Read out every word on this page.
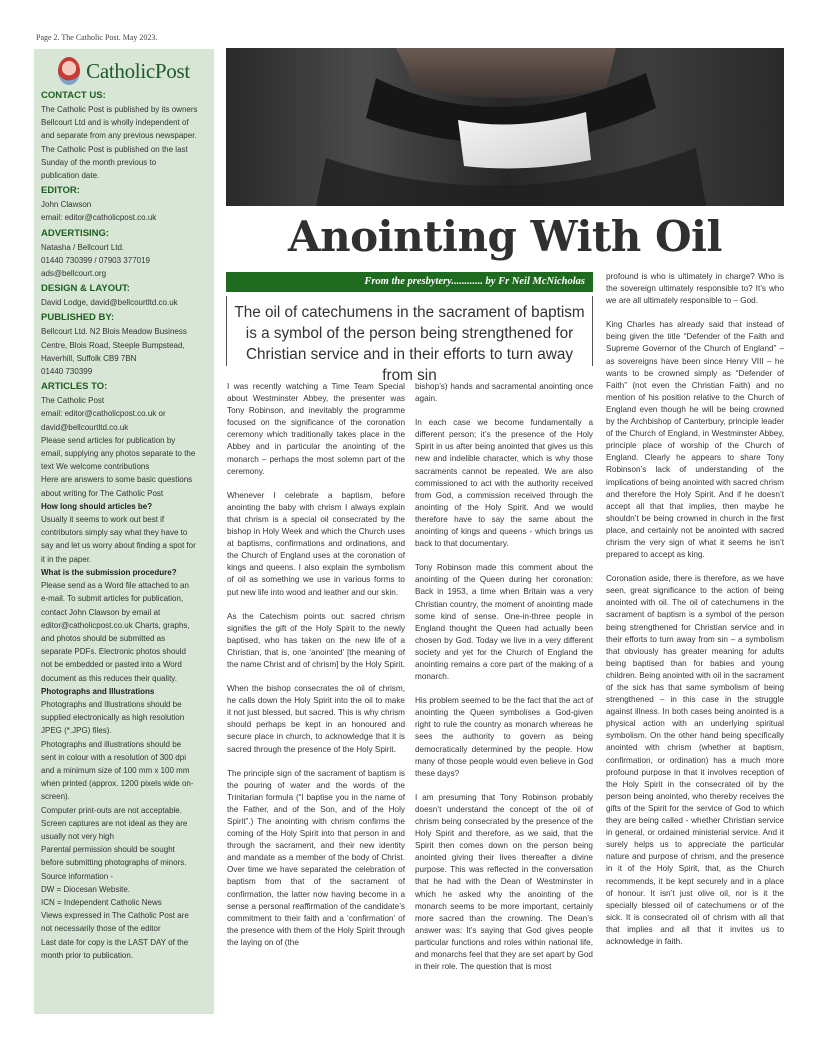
Page 2. The Catholic Post. May 2023.
CatholicPost
CONTACT US:
The Catholic Post is published by its owners
Bellcourt Ltd and is wholly independent of
and separate from any previous newspaper.
The Catholic Post is published on the last
Sunday of the month previous to
publication date.
EDITOR:
John Clawson
email: editor@catholicpost.co.uk
ADVERTISING:
Natasha / Bellcourt Ltd.
01440 730399 / 07903 377019
ads@bellcourt.org
DESIGN & LAYOUT:
David Lodge, david@bellcourtltd.co.uk
PUBLISHED BY:
Bellcourt Ltd. N2 Blois Meadow Business
Centre, Blois Road, Steeple Bumpstead,
Haverhill, Suffolk CB9 7BN
01440 730399
ARTICLES TO:
The Catholic Post
email: editor@catholicpost.co.uk or
david@bellcourtltd.co.uk
Please send articles for publication by
email, supplying any photos separate to the
text We welcome contributions
Here are answers to some basic questions
about writing for The Catholic Post
How long should articles be?
Usually it seems to work out best if
contributors simply say what they have to
say and let us worry about finding a spot for
it in the paper.
What is the submission procedure?
Please send as a Word file attached to an
e-mail. To submit articles for publication,
contact John Clawson by email at
editor@catholicpost.co.uk Charts, graphs,
and photos should be submitted as
separate PDFs. Electronic photos should
not be embedded or pasted into a Word
document as this reduces their quality.
Photographs and Illustrations
Photographs and Illustrations should be
supplied electronically as high resolution
JPEG (*.JPG) files).
Photographs and illustrations should be
sent in colour with a resolution of 300 dpi
and a minimum size of 100 mm x 100 mm
when printed (approx. 1200 pixels wide on-
screen).
Computer print-outs are not acceptable.
Screen captures are not ideal as they are
usually not very high
Parental permission should be sought
before submitting photographs of minors.
Source information -
DW = Diocesan Website.
ICN = Independent Catholic News
Views expressed in The Catholic Post are
not necessarily those of the editor
Last date for copy is the LAST DAY of the
month prior to publication.
Anointing With Oil
From the presbytery............ by Fr Neil McNicholas
The oil of catechumens in the sacrament of baptism is a symbol of the person being strengthened for Christian service and in their efforts to turn away from sin

I was recently watching a Time Team Special about Westminster Abbey, the presenter was Tony Robinson, and inevitably the programme focused on the significance of the coronation ceremony which traditionally takes place in the Abbey and in particular the anointing of the monarch – perhaps the most solemn part of the ceremony.

Whenever I celebrate a baptism, before anointing the baby with chrism I always explain that chrism is a special oil consecrated by the bishop in Holy Week and which the Church uses at baptisms, confirmations and ordinations, and the Church of England uses at the coronation of kings and queens. I also explain the symbolism of oil as something we use in various forms to put new life into wood and leather and our skin.

As the Catechism points out: sacred chrism signifies the gift of the Holy Spirit to the newly baptised, who has taken on the new life of a Christian, that is, one ‘anointed’ [the meaning of the name Christ and of chrism] by the Holy Spirit.

When the bishop consecrates the oil of chrism, he calls down the Holy Spirit into the oil to make it not just blessed, but sacred. This is why chrism should perhaps be kept in an honoured and secure place in church, to acknowledge that it is sacred through the presence of the Holy Spirit.

The principle sign of the sacrament of baptism is the pouring of water and the words of the Trinitarian formula (“I baptise you in the name of the Father, and of the Son, and of the Holy Spirit”.) The anointing with chrism confirms the coming of the Holy Spirit into that person in and through the sacrament, and their new identity and mandate as a member of the body of Christ. Over time we have separated the celebration of baptism from that of the sacrament of confirmation, the latter now having become in a sense a personal reaffirmation of the candidate’s commitment to their faith and a ‘confirmation’ of the presence with them of the Holy Spirit through the laying on of (the

bishop’s) hands and sacramental anointing once again.

In each case we become fundamentally a different person; it’s the presence of the Holy Spirit in us after being anointed that gives us this new and indelible character, which is why those sacraments cannot be repeated. We are also commissioned to act with the authority received from God, a commission received through the anointing of the Holy Spirit. And we would therefore have to say the same about the anointing of kings and queens - which brings us back to that documentary.

Tony Robinson made this comment about the anointing of the Queen during her coronation: Back in 1953, a time when Britain was a very Christian country, the moment of anointing made some kind of sense. One-in-three people in England thought the Queen had actually been chosen by God. Today we live in a very different society and yet for the Church of England the anointing remains a core part of the making of a monarch.

His problem seemed to be the fact that the act of anointing the Queen symbolises a God-given right to rule the country as monarch whereas he sees the authority to govern as being democratically determined by the people. How many of those people would even believe in God these days?

I am presuming that Tony Robinson probably doesn’t understand the concept of the oil of chrism being consecrated by the presence of the Holy Spirit and therefore, as we said, that the Spirit then comes down on the person being anointed giving their lives thereafter a divine purpose. This was reflected in the conversation that he had with the Dean of Westminster in which he asked why the anointing of the monarch seems to be more important, certainly more sacred than the crowning. The Dean’s answer was: It’s saying that God gives people particular functions and roles within national life, and monarchs feel that they are set apart by God in their role. The question that is most

profound is who is ultimately in charge? Who is the sovereign ultimately responsible to? It’s who we are all ultimately responsible to – God.

King Charles has already said that instead of being given the title “Defender of the Faith and Supreme Governor of the Church of England” – as sovereigns have been since Henry VIII – he wants to be crowned simply as “Defender of Faith” (not even the Christian Faith) and no mention of his position relative to the Church of England even though he will be being crowned by the Archbishop of Canterbury, principle leader of the Church of England, in Westminster Abbey, principle place of worship of the Church of England. Clearly he appears to share Tony Robinson’s lack of understanding of the implications of being anointed with sacred chrism and therefore the Holy Spirit. And if he doesn’t accept all that that implies, then maybe he shouldn’t be being crowned in church in the first place, and certainly not be anointed with sacred chrism the very sign of what it seems he isn’t prepared to accept as king.

Coronation aside, there is therefore, as we have seen, great significance to the action of being anointed with oil. The oil of catechumens in the sacrament of baptism is a symbol of the person being strengthened for Christian service and in their efforts to turn away from sin – a symbolism that obviously has greater meaning for adults being baptised than for babies and young children. Being anointed with oil in the sacrament of the sick has that same symbolism of being strengthened – in this case in the struggle against illness. In both cases being anointed is a physical action with an underlying spiritual symbolism. On the other hand being specifically anointed with chrism (whether at baptism, confirmation, or ordination) has a much more profound purpose in that it involves reception of the Holy Spirit in the consecrated oil by the person being anointed, who thereby receives the gifts of the Spirit for the service of God to which they are being called - whether Christian service in general, or ordained ministerial service. And it surely helps us to appreciate the particular nature and purpose of chrism, and the presence in it of the Holy Spirit, that, as the Church recommends, it be kept securely and in a place of honour. It isn’t just olive oil, nor is it the specially blessed oil of catechumens or of the sick. It is consecrated oil of chrism with all that that implies and all that it invites us to acknowledge in faith.
